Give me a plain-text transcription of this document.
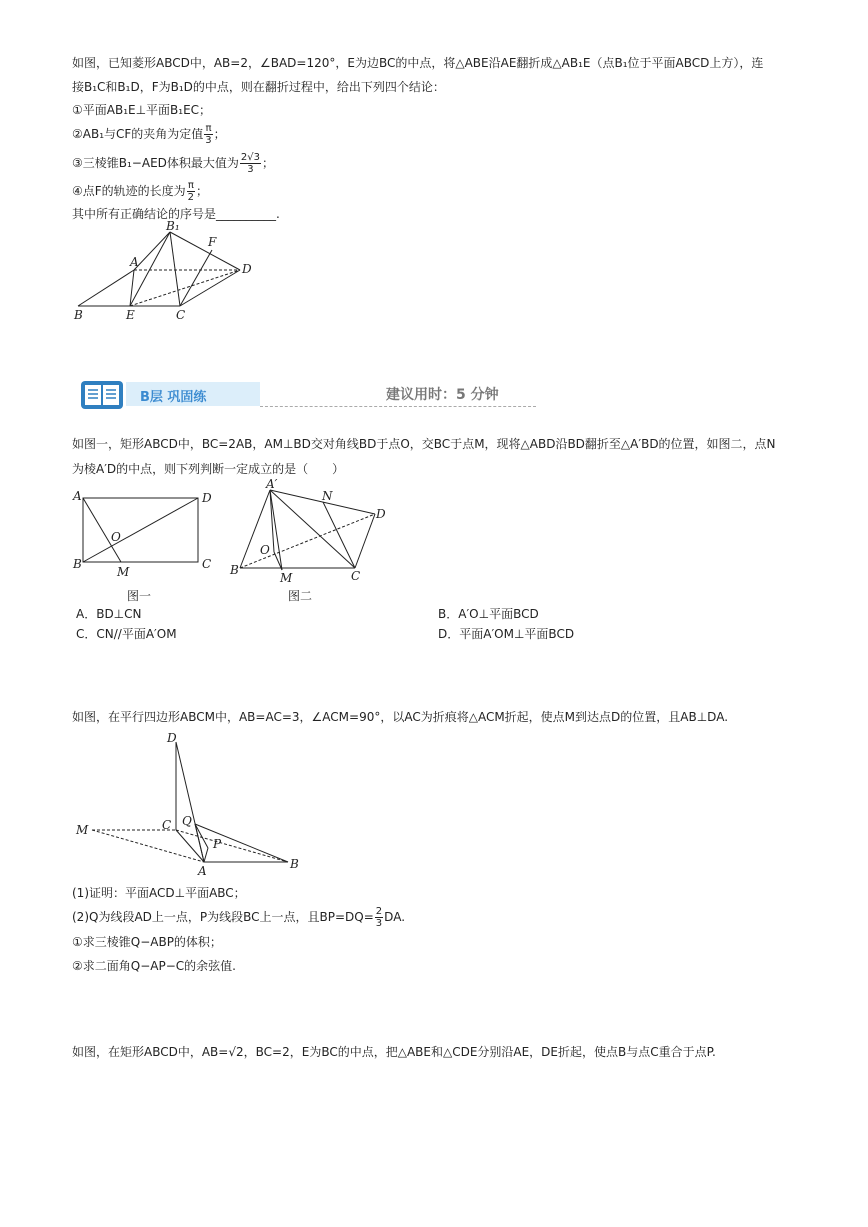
如图，已知菱形ABCD中，AB=2，∠BAD=120°，E为边BC的中点，将△ABE沿AE翻折成△AB₁E（点B₁位于平面ABCD上方），连
接B₁C和B₁D，F为B₁D的中点，则在翻折过程中，给出下列四个结论：
①平面AB₁E⊥平面B₁EC；
②AB₁与CF的夹角为定值 $\frac{\pi}{3}$ ；
③三棱锥B₁−AED体积最大值为 $\frac{2√3}{3}$ ；
④点F的轨迹的长度为 $\frac{\pi}{2}$ ；
其中所有正确结论的序号是__________.
B₁
F
A	D
B	E	C
B层 巩固练	建议用时：5 分钟
如图一，矩形ABCD中，BC=2AB，AM⊥BD交对角线BD于点O，交BC于点M，现将△ABD沿BD翻折至△A′BD的位置，如图二，点N
为棱A′D的中点，则下列判断一定成立的是（　　）
A	D
O
B
M
C
图一
A′
N
D
O
B
M	C
图二
A．BD⊥CN	B．A′O⊥平面BCD
C．CN//平面A′OM	D．平面A′OM⊥平面BCD
如图，在平行四边形ABCM中，AB=AC=3，∠ACM=90°，以AC为折痕将△ACM折起，使点M到达点D的位置，且AB⊥DA.
D
M	C Q
P
A	B
(1)证明：平面ACD⊥平面ABC；
(2)Q为线段AD上一点，P为线段BC上一点，且$BP=DQ= \frac{2}{3}$ DA.
①求三棱锥Q−ABP的体积；
②求二面角Q−AP−C的余弦值.
如图，在矩形ABCD中，AB=√2，BC=2，E为BC的中点，把△ABE和△CDE分别沿AE，DE折起，使点B与点C重合于点P.
